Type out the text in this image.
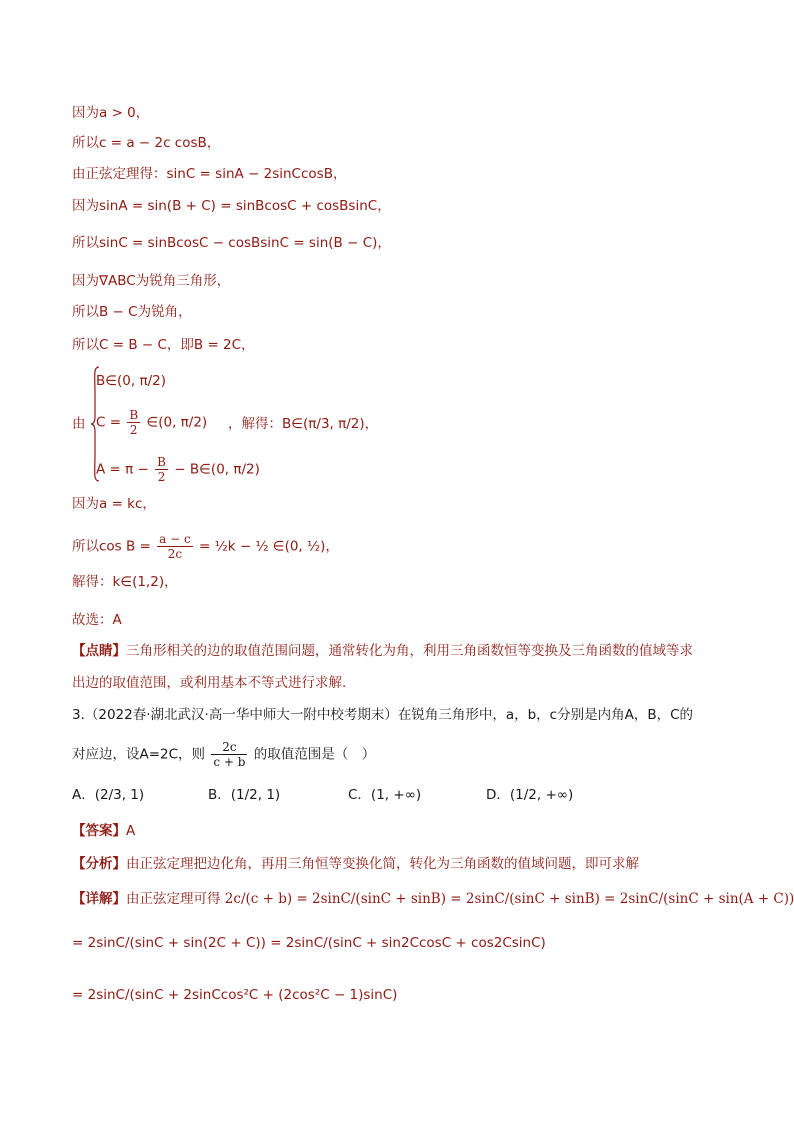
因为a > 0，
所以c = a − 2c cosB，
由正弦定理得：sinC = sinA − 2sinCcosB，
因为sinA = sin(B + C) = sinBcosC + cosBsinC，
所以sinC = sinBcosC − cosBsinC = sin(B − C)，
因为∇ABC为锐角三角形，
所以B − C为锐角，
所以C = B − C，即B = 2C，
由
B∈(0, π/2)
$C = \frac{B}{2}$ ∈(0, π/2)
$A = \pi - \frac{B}{2}$ − B∈(0, π/2)
，解得：B∈(π/3, π/2)，
因为a = kc，
所以$\cos B = \frac{a - c}{2c}$ = ½k − ½ ∈(0, ½)，
解得：k∈(1,2)，
故选：A
【点睛】三角形相关的边的取值范围问题，通常转化为角，利用三角函数恒等变换及三角函数的值域等求
出边的取值范围，或利用基本不等式进行求解.
3.（2022春·湖北武汉·高一华中师大一附中校考期末）在锐角三角形中，a，b，c分别是内角A，B，C的
对应边，设A=2C，则 $\frac{2c}{c + b}$ 的取值范围是（　）
A．(2/3, 1)	B．(1/2, 1)	C．(1, +∞)	D．(1/2, +∞)
【答案】A
【分析】由正弦定理把边化角，再用三角恒等变换化简，转化为三角函数的值域问题，即可求解
【详解】由正弦定理可得 2c/(c + b) = 2sinC/(sinC + sinB) = 2sinC/(sinC + sinB) = 2sinC/(sinC + sin(A + C))
= 2sinC/(sinC + sin(2C + C)) = 2sinC/(sinC + sin2CcosC + cos2CsinC)
= 2sinC/(sinC + 2sinCcos²C + (2cos²C − 1)sinC)
